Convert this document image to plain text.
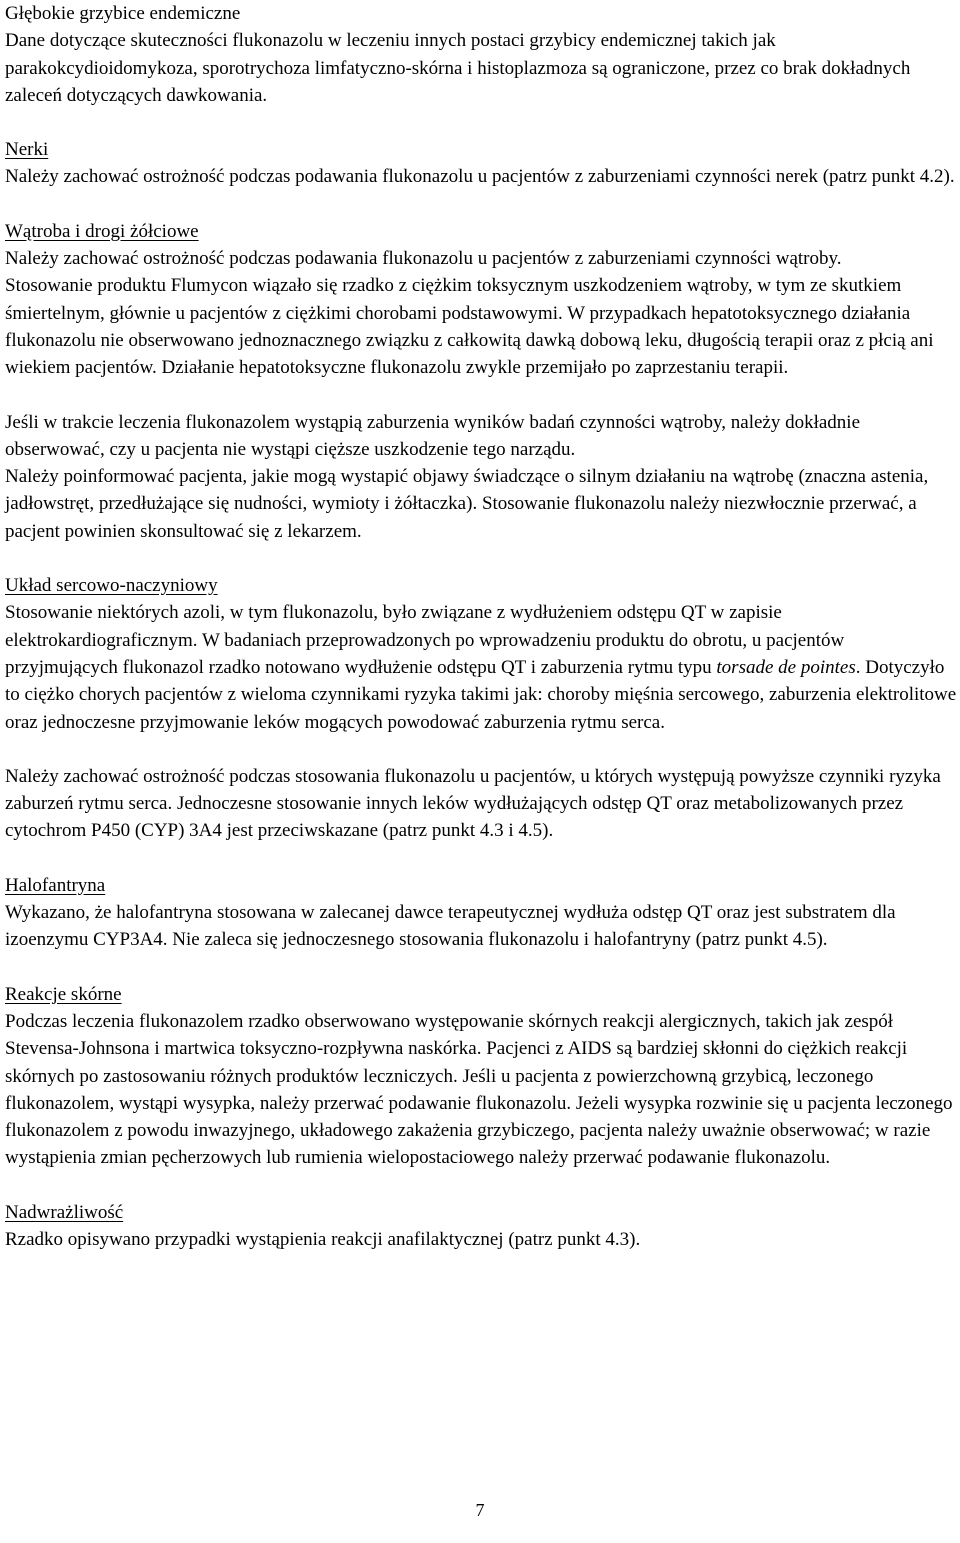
Głębokie grzybice endemiczne

Dane dotyczące skuteczności flukonazolu w leczeniu innych postaci grzybicy endemicznej takich jak parakokcydioidomykoza, sporotrychoza limfatyczno-skórna i histoplazmoza są ograniczone, przez co brak dokładnych zaleceń dotyczących dawkowania.

Nerki

Należy zachować ostrożność podczas podawania flukonazolu u pacjentów z zaburzeniami czynności nerek (patrz punkt 4.2).

Wątroba i drogi żółciowe

Należy zachować ostrożność podczas podawania flukonazolu u pacjentów z zaburzeniami czynności wątroby.

Stosowanie produktu Flumycon wiązało się rzadko z ciężkim toksycznym uszkodzeniem wątroby, w tym ze skutkiem śmiertelnym, głównie u pacjentów z ciężkimi chorobami podstawowymi. W przypadkach hepatotoksycznego działania flukonazolu nie obserwowano jednoznacznego związku z całkowitą dawką dobową leku, długością terapii oraz z płcią ani wiekiem pacjentów. Działanie hepatotoksyczne flukonazolu zwykle przemijało po zaprzestaniu terapii.

Jeśli w trakcie leczenia flukonazolem wystąpią zaburzenia wyników badań czynności wątroby, należy dokładnie obserwować, czy u pacjenta nie wystąpi cięższe uszkodzenie tego narządu.

Należy poinformować pacjenta, jakie mogą wystapić objawy świadczące o silnym działaniu na wątrobę (znaczna astenia, jadłowstręt, przedłużające się nudności, wymioty i żółtaczka). Stosowanie flukonazolu należy niezwłocznie przerwać, a pacjent powinien skonsultować się z lekarzem.

Układ sercowo-naczyniowy

Stosowanie niektórych azoli, w tym flukonazolu, było związane z wydłużeniem odstępu QT w zapisie elektrokardiograficznym. W badaniach przeprowadzonych po wprowadzeniu produktu do obrotu, u pacjentów przyjmujących flukonazol rzadko notowano wydłużenie odstępu QT i zaburzenia rytmu typu torsade de pointes. Dotyczyło to ciężko chorych pacjentów z wieloma czynnikami ryzyka takimi jak: choroby mięśnia sercowego, zaburzenia elektrolitowe oraz jednoczesne przyjmowanie leków mogących powodować zaburzenia rytmu serca.

Należy zachować ostrożność podczas stosowania flukonazolu u pacjentów, u których występują powyższe czynniki ryzyka zaburzeń rytmu serca. Jednoczesne stosowanie innych leków wydłużających odstęp QT oraz metabolizowanych przez cytochrom P450 (CYP) 3A4 jest przeciwskazane (patrz punkt 4.3 i 4.5).

Halofantryna

Wykazano, że halofantryna stosowana w zalecanej dawce terapeutycznej wydłuża odstęp QT oraz jest substratem dla izoenzymu CYP3A4. Nie zaleca się jednoczesnego stosowania flukonazolu i halofantryny (patrz punkt 4.5).

Reakcje skórne

Podczas leczenia flukonazolem rzadko obserwowano występowanie skórnych reakcji alergicznych, takich jak zespół Stevensa-Johnsona i martwica toksyczno-rozpływna naskórka. Pacjenci z AIDS są bardziej skłonni do ciężkich reakcji skórnych po zastosowaniu różnych produktów leczniczych. Jeśli u pacjenta z powierzchowną grzybicą, leczonego flukonazolem, wystąpi wysypka, należy przerwać podawanie flukonazolu. Jeżeli wysypka rozwinie się u pacjenta leczonego flukonazolem z powodu inwazyjnego, układowego zakażenia grzybiczego, pacjenta należy uważnie obserwować; w razie wystąpienia zmian pęcherzowych lub rumienia wielopostaciowego należy przerwać podawanie flukonazolu.

Nadwrażliwość

Rzadko opisywano przypadki wystąpienia reakcji anafilaktycznej (patrz punkt 4.3).

7
